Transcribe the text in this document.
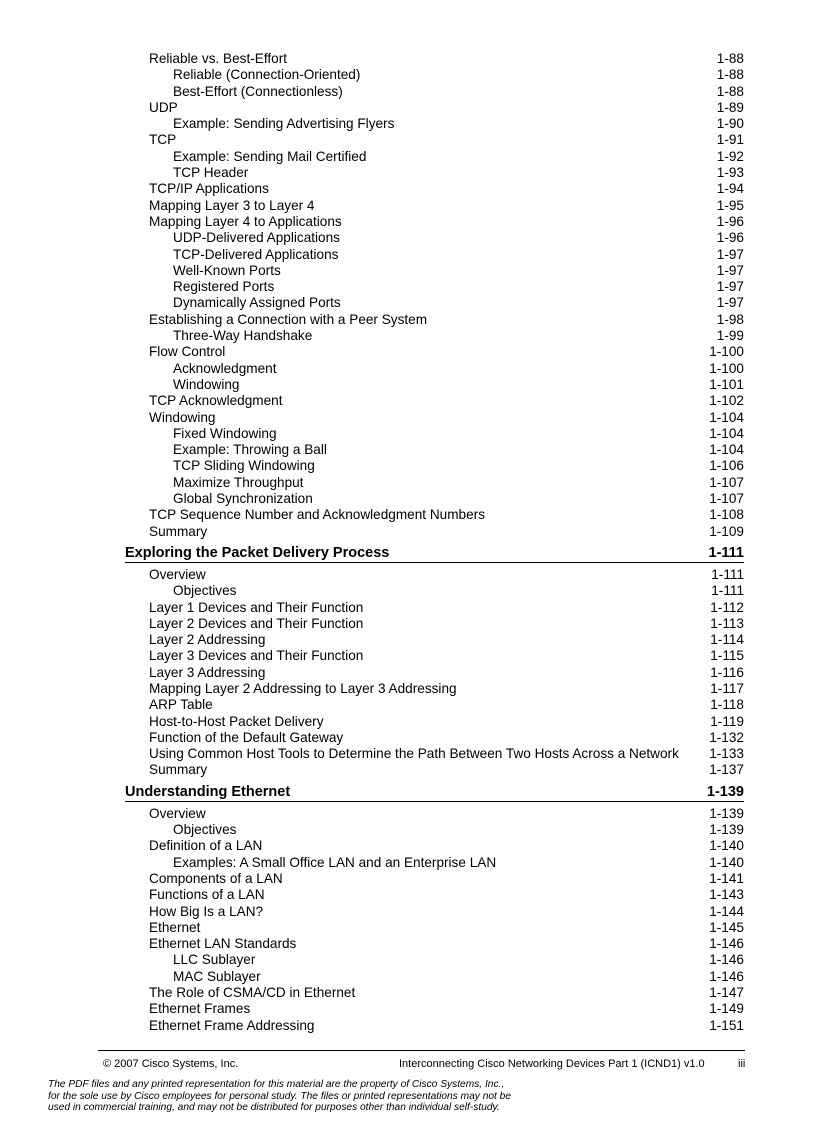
Reliable vs. Best-Effort	1-88
Reliable (Connection-Oriented)	1-88
Best-Effort (Connectionless)	1-88
UDP	1-89
Example: Sending Advertising Flyers	1-90
TCP	1-91
Example: Sending Mail Certified	1-92
TCP Header	1-93
TCP/IP Applications	1-94
Mapping Layer 3 to Layer 4	1-95
Mapping Layer 4 to Applications	1-96
UDP-Delivered Applications	1-96
TCP-Delivered Applications	1-97
Well-Known Ports	1-97
Registered Ports	1-97
Dynamically Assigned Ports	1-97
Establishing a Connection with a Peer System	1-98
Three-Way Handshake	1-99
Flow Control	1-100
Acknowledgment	1-100
Windowing	1-101
TCP Acknowledgment	1-102
Windowing	1-104
Fixed Windowing	1-104
Example: Throwing a Ball	1-104
TCP Sliding Windowing	1-106
Maximize Throughput	1-107
Global Synchronization	1-107
TCP Sequence Number and Acknowledgment Numbers	1-108
Summary	1-109
Exploring the Packet Delivery Process	1-111
Overview	1-111
Objectives	1-111
Layer 1 Devices and Their Function	1-112
Layer 2 Devices and Their Function	1-113
Layer 2 Addressing	1-114
Layer 3 Devices and Their Function	1-115
Layer 3 Addressing	1-116
Mapping Layer 2 Addressing to Layer 3 Addressing	1-117
ARP Table	1-118
Host-to-Host Packet Delivery	1-119
Function of the Default Gateway	1-132
Using Common Host Tools to Determine the Path Between Two Hosts Across a Network 1-133
Summary	1-137
Understanding Ethernet	1-139
Overview	1-139
Objectives	1-139
Definition of a LAN	1-140
Examples: A Small Office LAN and an Enterprise LAN	1-140
Components of a LAN	1-141
Functions of a LAN	1-143
How Big Is a LAN?	1-144
Ethernet	1-145
Ethernet LAN Standards	1-146
LLC Sublayer	1-146
MAC Sublayer	1-146
The Role of CSMA/CD in Ethernet	1-147
Ethernet Frames	1-149
Ethernet Frame Addressing	1-151
© 2007 Cisco Systems, Inc.	Interconnecting Cisco Networking Devices Part 1 (ICND1) v1.0	iii
The PDF files and any printed representation for this material are the property of Cisco Systems, Inc.,
for the sole use by Cisco employees for personal study. The files or printed representations may not be
used in commercial training, and may not be distributed for purposes other than individual self-study.
